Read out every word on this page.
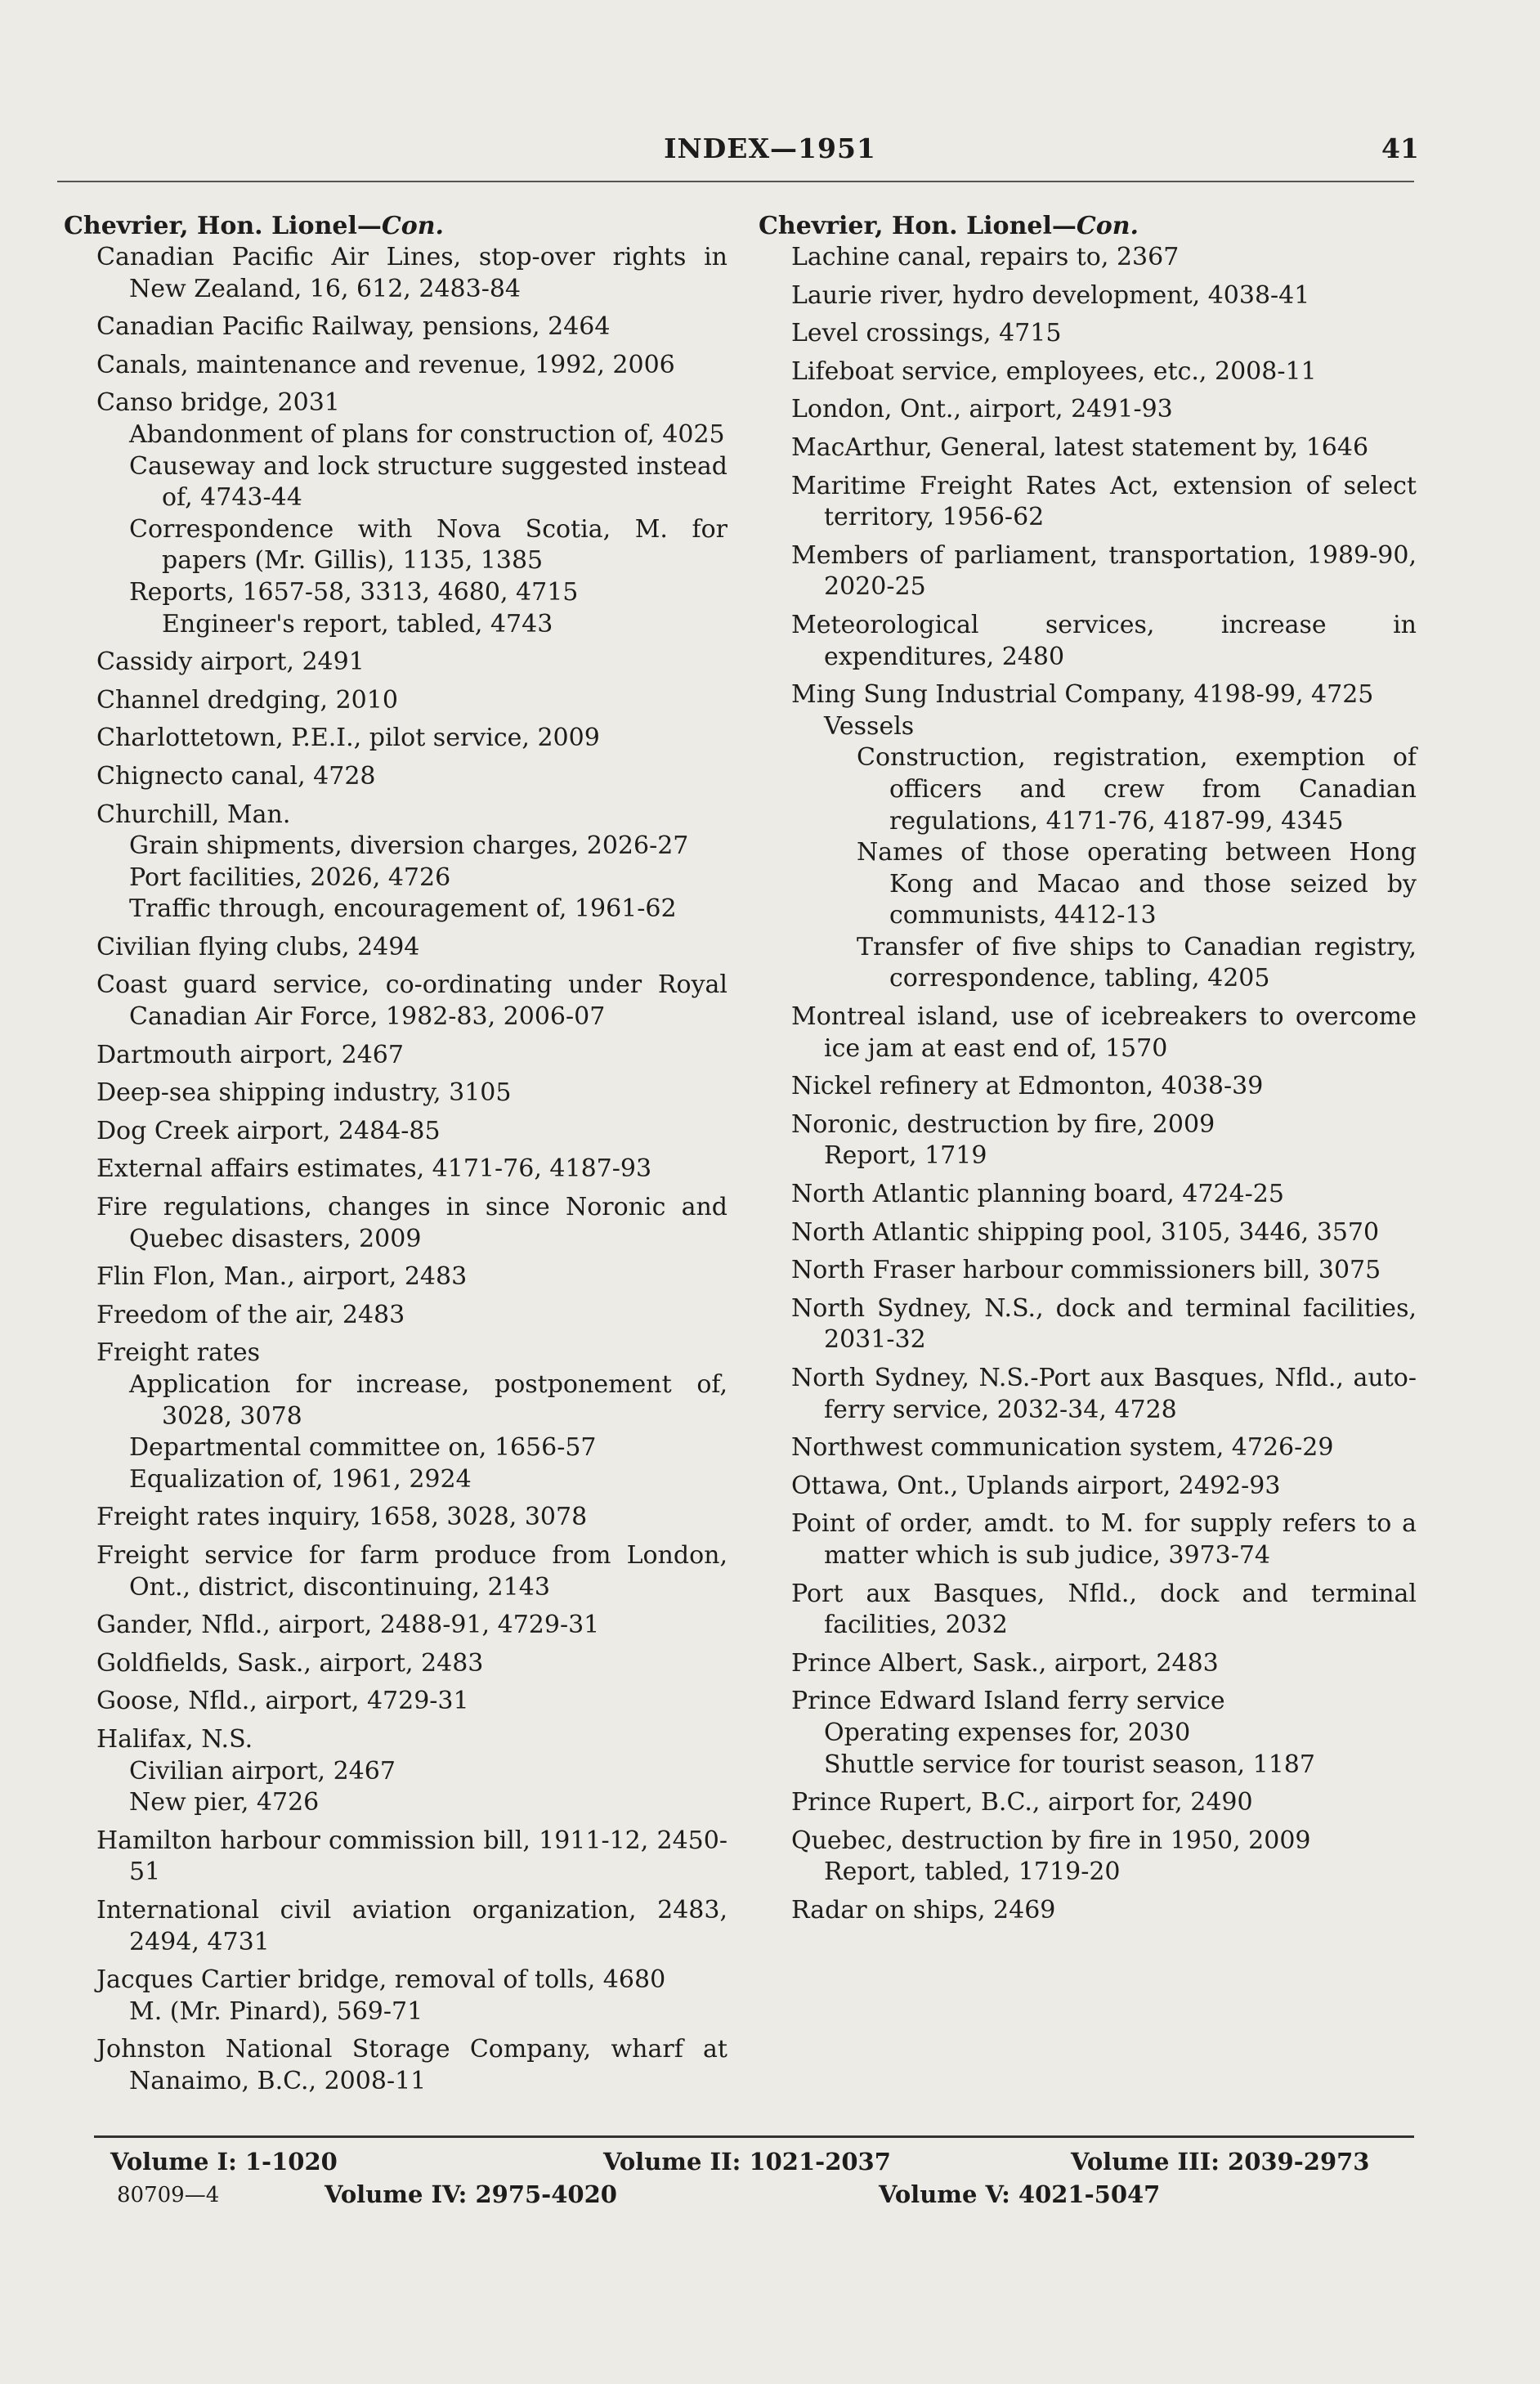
INDEX—1951	41
Chevrier, Hon. Lionel—Con.
Canadian Pacific Air Lines, stop-over rights in New Zealand, 16, 612, 2483-84
Canadian Pacific Railway, pensions, 2464
Canals, maintenance and revenue, 1992, 2006
Canso bridge, 2031
Abandonment of plans for construction of, 4025
Causeway and lock structure suggested instead of, 4743-44
Correspondence with Nova Scotia, M. for papers (Mr. Gillis), 1135, 1385
Reports, 1657-58, 3313, 4680, 4715
Engineer's report, tabled, 4743
Cassidy airport, 2491
Channel dredging, 2010
Charlottetown, P.E.I., pilot service, 2009
Chignecto canal, 4728
Churchill, Man.
Grain shipments, diversion charges, 2026-27
Port facilities, 2026, 4726
Traffic through, encouragement of, 1961-62
Civilian flying clubs, 2494
Coast guard service, co-ordinating under Royal Canadian Air Force, 1982-83, 2006-07
Dartmouth airport, 2467
Deep-sea shipping industry, 3105
Dog Creek airport, 2484-85
External affairs estimates, 4171-76, 4187-93
Fire regulations, changes in since Noronic and Quebec disasters, 2009
Flin Flon, Man., airport, 2483
Freedom of the air, 2483
Freight rates
Application for increase, postponement of, 3028, 3078
Departmental committee on, 1656-57
Equalization of, 1961, 2924
Freight rates inquiry, 1658, 3028, 3078
Freight service for farm produce from London, Ont., district, discontinuing, 2143
Gander, Nfld., airport, 2488-91, 4729-31
Goldfields, Sask., airport, 2483
Goose, Nfld., airport, 4729-31
Halifax, N.S.
Civilian airport, 2467
New pier, 4726
Hamilton harbour commission bill, 1911-12, 2450-51
International civil aviation organization, 2483, 2494, 4731
Jacques Cartier bridge, removal of tolls, 4680
M. (Mr. Pinard), 569-71
Johnston National Storage Company, wharf at Nanaimo, B.C., 2008-11
Chevrier, Hon. Lionel—Con.
Lachine canal, repairs to, 2367
Laurie river, hydro development, 4038-41
Level crossings, 4715
Lifeboat service, employees, etc., 2008-11
London, Ont., airport, 2491-93
MacArthur, General, latest statement by, 1646
Maritime Freight Rates Act, extension of select territory, 1956-62
Members of parliament, transportation, 1989-90, 2020-25
Meteorological services, increase in expenditures, 2480
Ming Sung Industrial Company, 4198-99, 4725
Vessels
Construction, registration, exemption of officers and crew from Canadian regulations, 4171-76, 4187-99, 4345
Names of those operating between Hong Kong and Macao and those seized by communists, 4412-13
Transfer of five ships to Canadian registry, correspondence, tabling, 4205
Montreal island, use of icebreakers to overcome ice jam at east end of, 1570
Nickel refinery at Edmonton, 4038-39
Noronic, destruction by fire, 2009
Report, 1719
North Atlantic planning board, 4724-25
North Atlantic shipping pool, 3105, 3446, 3570
North Fraser harbour commissioners bill, 3075
North Sydney, N.S., dock and terminal facilities, 2031-32
North Sydney, N.S.-Port aux Basques, Nfld., auto-ferry service, 2032-34, 4728
Northwest communication system, 4726-29
Ottawa, Ont., Uplands airport, 2492-93
Point of order, amdt. to M. for supply refers to a matter which is sub judice, 3973-74
Port aux Basques, Nfld., dock and terminal facilities, 2032
Prince Albert, Sask., airport, 2483
Prince Edward Island ferry service
Operating expenses for, 2030
Shuttle service for tourist season, 1187
Prince Rupert, B.C., airport for, 2490
Quebec, destruction by fire in 1950, 2009
Report, tabled, 1719-20
Radar on ships, 2469
Volume I: 1-1020	Volume II: 1021-2037	Volume III: 2039-2973
80709—4	Volume IV: 2975-4020	Volume V: 4021-5047
